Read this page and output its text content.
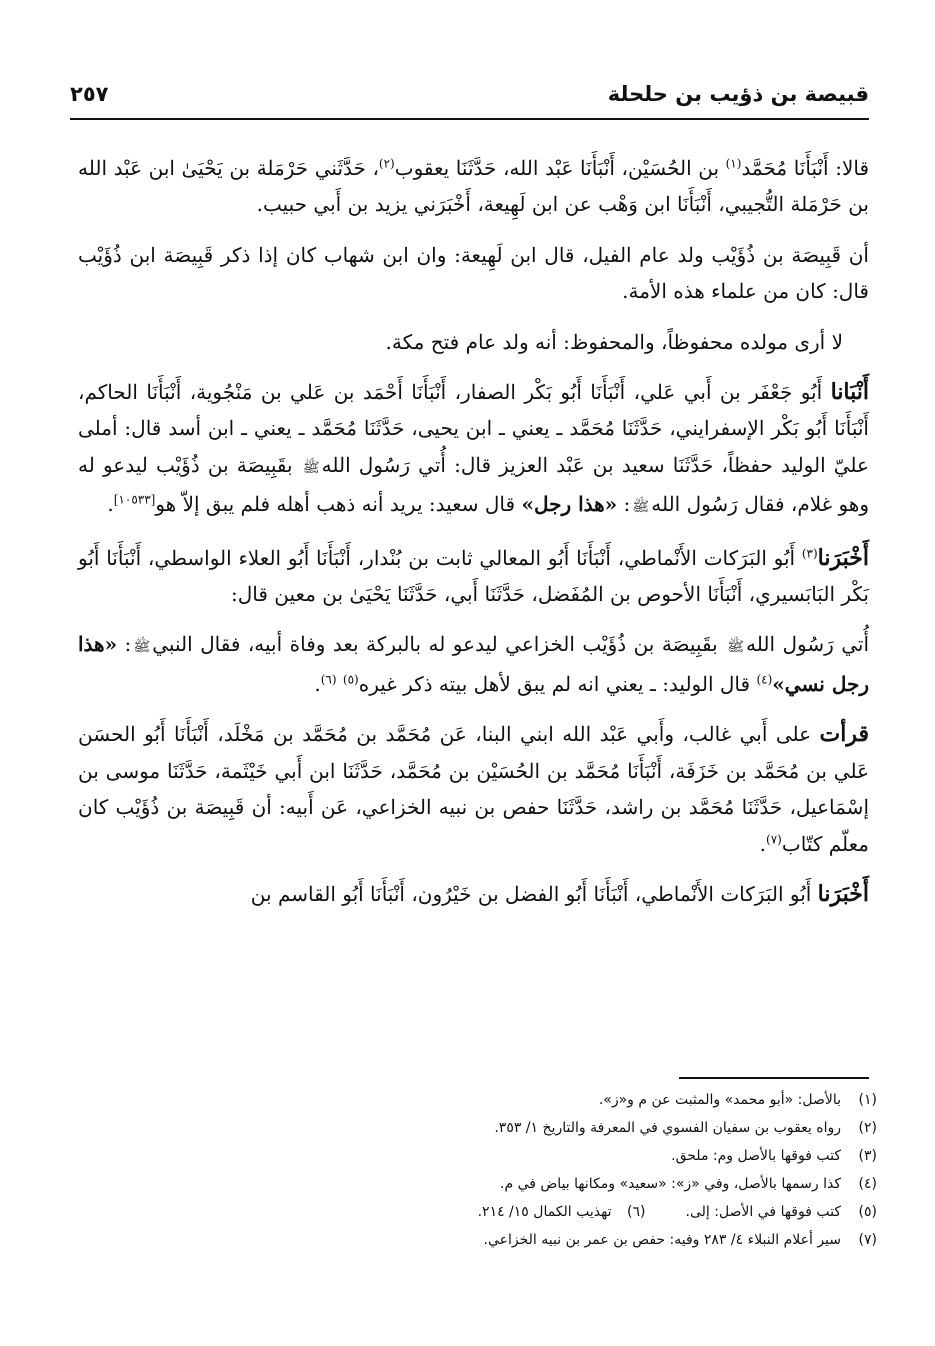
قبيصة بن ذؤيب بن حلحلة
٢٥٧

قالا: أَنْبَأَنَا مُحَمَّد$^{(١)}$ بن الحُسَيْن، أَنْبَأَنَا عَبْد الله، حَدَّثَنَا يعقوب$^{(٢)}$، حَدَّثَني حَرْمَلة بن يَحْيَىٰ ابن عَبْد الله بن حَرْمَلة التُّجيبي، أَنْبَأَنَا ابن وَهْب عن ابن لَهِيعة، أَخْبَرَني يزيد بن أَبي حبيب.

أن قَبِيصَة بن ذُؤَيْب ولد عام الفيل، قال ابن لَهِيعة: وان ابن شهاب كان إذا ذكر قَبِيصَة ابن ذُؤَيْب قال: كان من علماء هذه الأمة.

لا أرى مولده محفوظاً، والمحفوظ: أنه ولد عام فتح مكة.

أَنْبَانا أَبُو جَعْفَر بن أَبي عَلي، أَنْبَأَنَا أَبُو بَكْر الصفار، أَنْبَأَنَا أَحْمَد بن عَلي بن مَنْجُوية، أَنْبَأَنَا الحاكم، أَنْبَأَنَا أَبُو بَكْر الإسفرايني، حَدَّثَنَا مُحَمَّد ـ يعني ـ ابن يحيى، حَدَّثَنَا مُحَمَّد ـ يعني ـ ابن أسد قال: أملى عليّ الوليد حفظاً، حَدَّثَنَا سعيد بن عَبْد العزيز قال: أُتي رَسُول اللهﷺ بقَبِيصَة بن ذُؤَيْب ليدعو له وهو غلام، فقال رَسُول اللهﷺ: «هذا رجل» قال سعيد: يريد أنه ذهب أهله فلم يبق إلاّ هو[١٠٥٣٣].

أَخْبَرَنا$^{(٣)}$ أَبُو البَرَكات الأَنْماطي، أَنْبَأَنَا أَبُو المعالي ثابت بن بُنْدار، أَنْبَأَنَا أَبُو العلاء الواسطي، أَنْبَأَنَا أَبُو بَكْر البَابَسيري، أَنْبَأَنَا الأحوص بن المُفَضل، حَدَّثَنَا أَبي، حَدَّثَنَا يَحْيَىٰ بن معين قال:

أُتي رَسُول اللهﷺ بقَبِيصَة بن ذُؤَيْب الخزاعي ليدعو له بالبركة بعد وفاة أبيه، فقال النبيﷺ: «هذا رجل نسي»$^{(٤)}$ قال الوليد: ـ يعني انه لم يبق لأهل بيته ذكر غيره$^{(٥)}$ $^{(٦)}$.

قرأت على أَبي غالب، وأَبي عَبْد الله ابني البنا، عَن مُحَمَّد بن مُحَمَّد بن مَخْلَد، أَنْبَأَنَا أَبُو الحسَن عَلي بن مُحَمَّد بن خَزَفَة، أَنْبَأَنَا مُحَمَّد بن الحُسَيْن بن مُحَمَّد، حَدَّثَنَا ابن أَبي خَيْثَمة، حَدَّثَنَا موسى بن إسْمَاعيل، حَدَّثَنَا مُحَمَّد بن راشد، حَدَّثَنَا حفص بن نبيه الخزاعي، عَن أَبيه: أن قَبِيصَة بن ذُؤَيْب كان معلّم كتّاب$^{(٧)}$.

أَخْبَرَنا أَبُو البَرَكات الأَنْماطي، أَنْبَأَنَا أَبُو الفضل بن خَيْرُون، أَنْبَأَنَا أَبُو القاسم بن

(١)
بالأصل: «أبو محمد» والمثبت عن م و«ز».
(٢)
رواه يعقوب بن سفيان الفسوي في المعرفة والتاريخ ١/ ٣٥٣.
(٣)
كتب فوقها بالأصل وم: ملحق.
(٤)
كذا رسمها بالأصل، وفي «ز»: «سعيد» ومكانها بياض في م.
(٥)
كتب فوقها في الأصل: إلى.
(٦)
تهذيب الكمال ١٥/ ٢١٤.
(٧)
سير أعلام النبلاء ٤/ ٢٨٣ وفيه: حفص بن عمر بن نبيه الخزاعي.
